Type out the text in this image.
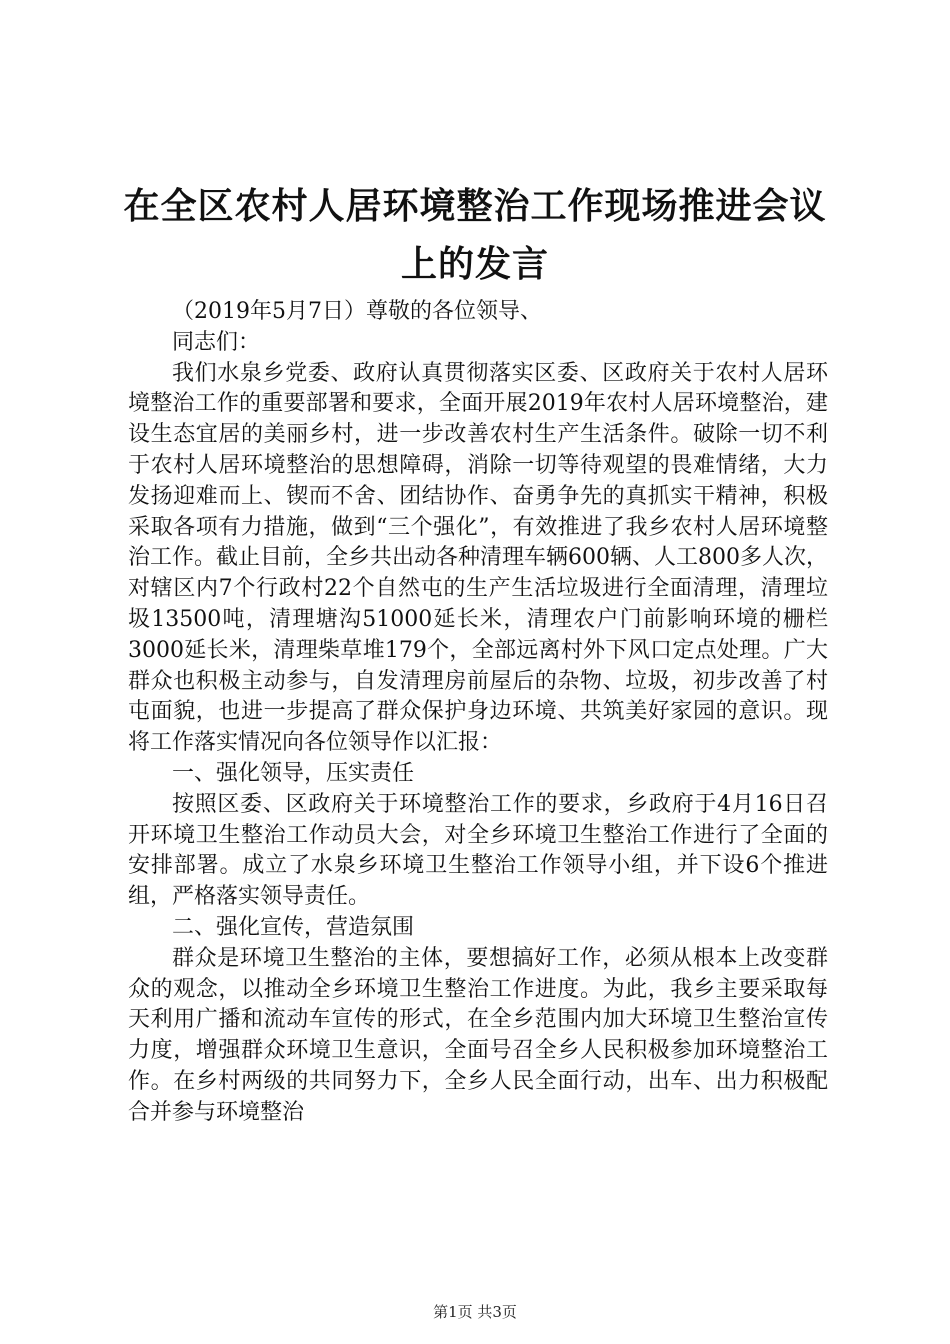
在全区农村人居环境整治工作现场推进会议上的发言

（2019年5月7日）尊敬的各位领导、

同志们：

我们水泉乡党委、政府认真贯彻落实区委、区政府关于农村人居环境整治工作的重要部署和要求，全面开展2019年农村人居环境整治，建设生态宜居的美丽乡村，进一步改善农村生产生活条件。破除一切不利于农村人居环境整治的思想障碍，消除一切等待观望的畏难情绪，大力发扬迎难而上、锲而不舍、团结协作、奋勇争先的真抓实干精神，积极采取各项有力措施，做到“三个强化”，有效推进了我乡农村人居环境整治工作。截止目前，全乡共出动各种清理车辆600辆、人工800多人次，对辖区内7个行政村22个自然屯的生产生活垃圾进行全面清理，清理垃圾13500吨，清理塘沟51000延长米，清理农户门前影响环境的栅栏3000延长米，清理柴草堆179个，全部远离村外下风口定点处理。广大群众也积极主动参与，自发清理房前屋后的杂物、垃圾，初步改善了村屯面貌，也进一步提高了群众保护身边环境、共筑美好家园的意识。现将工作落实情况向各位领导作以汇报：

一、强化领导，压实责任

按照区委、区政府关于环境整治工作的要求，乡政府于4月16日召开环境卫生整治工作动员大会，对全乡环境卫生整治工作进行了全面的安排部署。成立了水泉乡环境卫生整治工作领导小组，并下设6个推进组，严格落实领导责任。

二、强化宣传，营造氛围

群众是环境卫生整治的主体，要想搞好工作，必须从根本上改变群众的观念，以推动全乡环境卫生整治工作进度。为此，我乡主要采取每天利用广播和流动车宣传的形式，在全乡范围内加大环境卫生整治宣传力度，增强群众环境卫生意识，全面号召全乡人民积极参加环境整治工作。在乡村两级的共同努力下，全乡人民全面行动，出车、出力积极配合并参与环境整治

第1页 共3页
